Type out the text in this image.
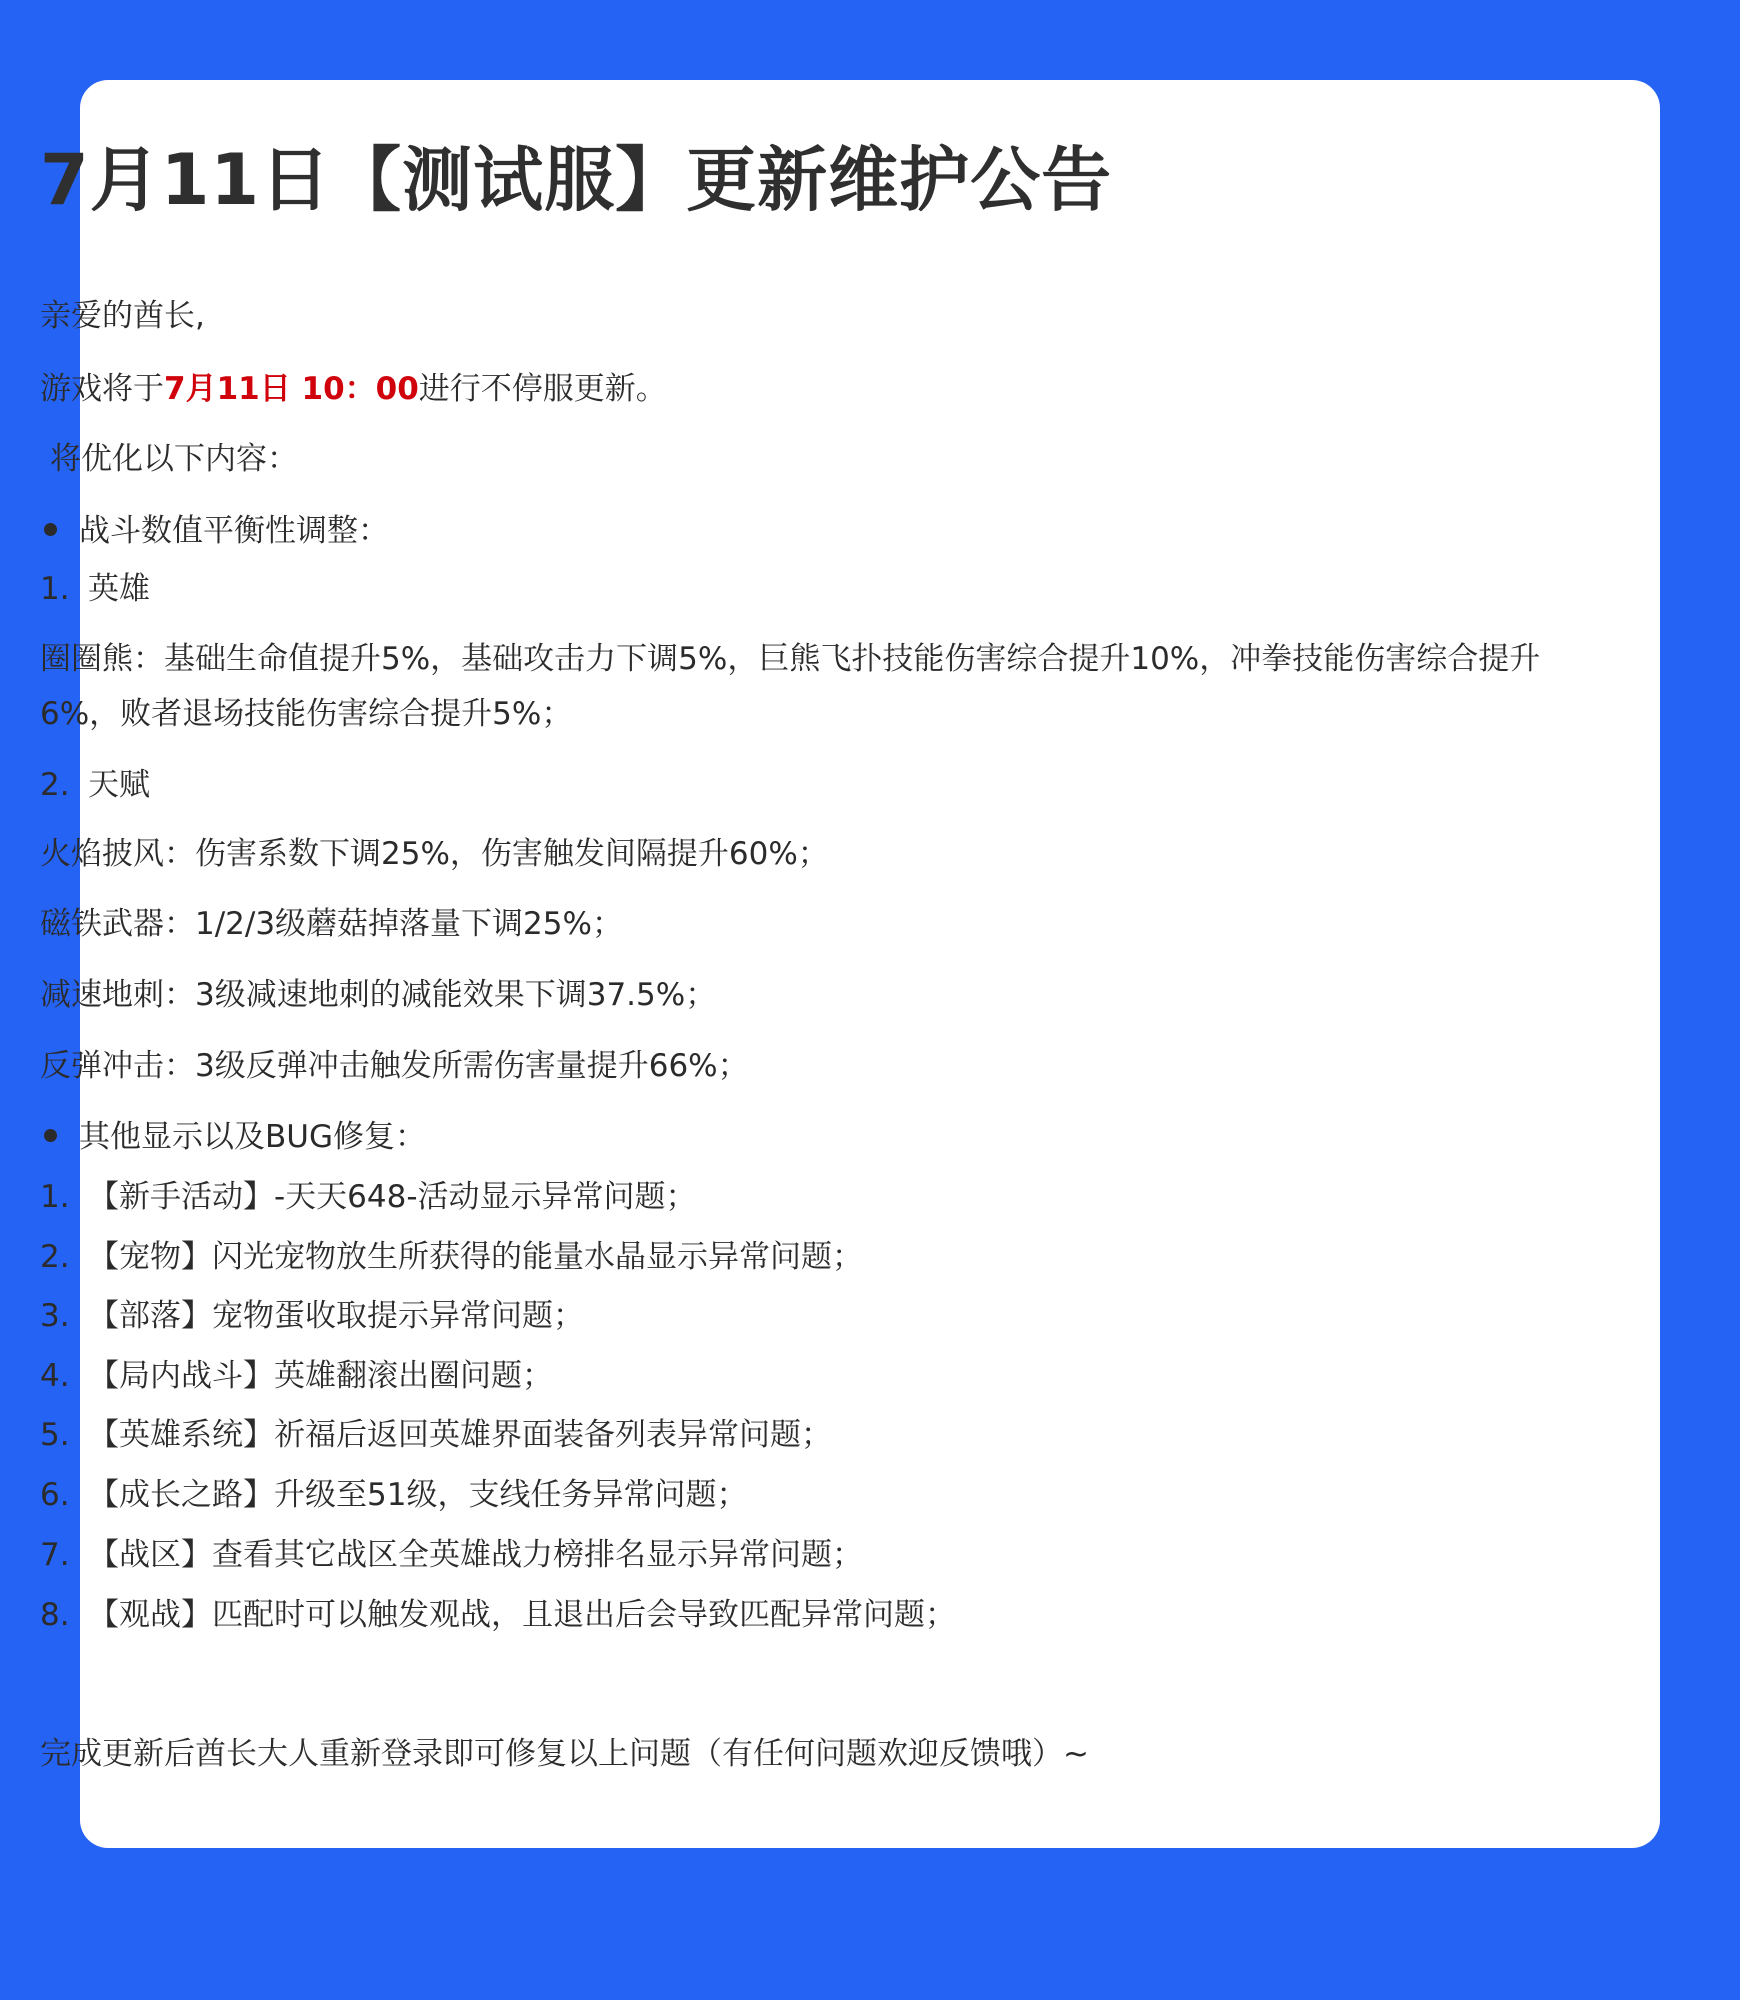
7月11日【测试服】更新维护公告

亲爱的酋长,

游戏将于7月11日 10：00进行不停服更新。

将优化以下内容：

战斗数值平衡性调整：

1. 英雄

圈圈熊：基础生命值提升5%，基础攻击力下调5%，巨熊飞扑技能伤害综合提升10%，冲拳技能伤害综合提升6%，败者退场技能伤害综合提升5%；

2. 天赋

火焰披风：伤害系数下调25%，伤害触发间隔提升60%；

磁铁武器：1/2/3级蘑菇掉落量下调25%；

减速地刺：3级减速地刺的减能效果下调37.5%；

反弹冲击：3级反弹冲击触发所需伤害量提升66%；

其他显示以及BUG修复：

1. 【新手活动】-天天648-活动显示异常问题；

2. 【宠物】闪光宠物放生所获得的能量水晶显示异常问题；

3. 【部落】宠物蛋收取提示异常问题；

4. 【局内战斗】英雄翻滚出圈问题；

5. 【英雄系统】祈福后返回英雄界面装备列表异常问题；

6. 【成长之路】升级至51级，支线任务异常问题；

7. 【战区】查看其它战区全英雄战力榜排名显示异常问题；

8. 【观战】匹配时可以触发观战，且退出后会导致匹配异常问题；

完成更新后酋长大人重新登录即可修复以上问题（有任何问题欢迎反馈哦）~
